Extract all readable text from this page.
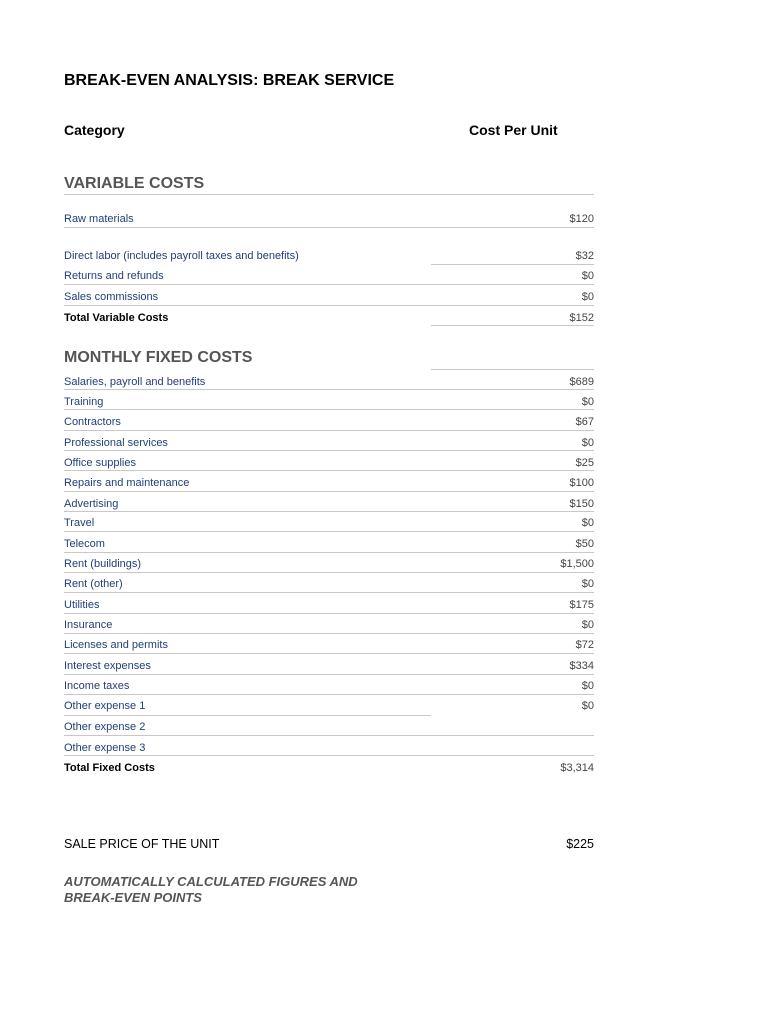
BREAK-EVEN ANALYSIS: BREAK SERVICE
Category	Cost Per Unit
VARIABLE COSTS
Raw materials	$120
Direct labor (includes payroll taxes and benefits)	$32
Returns and refunds	$0
Sales commissions	$0
Total Variable Costs	$152
MONTHLY FIXED COSTS
Salaries, payroll and benefits	$689
Training	$0
Contractors	$67
Professional services	$0
Office supplies	$25
Repairs and maintenance	$100
Advertising	$150
Travel	$0
Telecom	$50
Rent (buildings)	$1,500
Rent (other)	$0
Utilities	$175
Insurance	$0
Licenses and permits	$72
Interest expenses	$334
Income taxes	$0
Other expense 1	$0
Other expense 2
Other expense 3
Total Fixed Costs	$3,314
SALE PRICE OF THE UNIT	$225
AUTOMATICALLY CALCULATED FIGURES AND BREAK-EVEN POINTS
